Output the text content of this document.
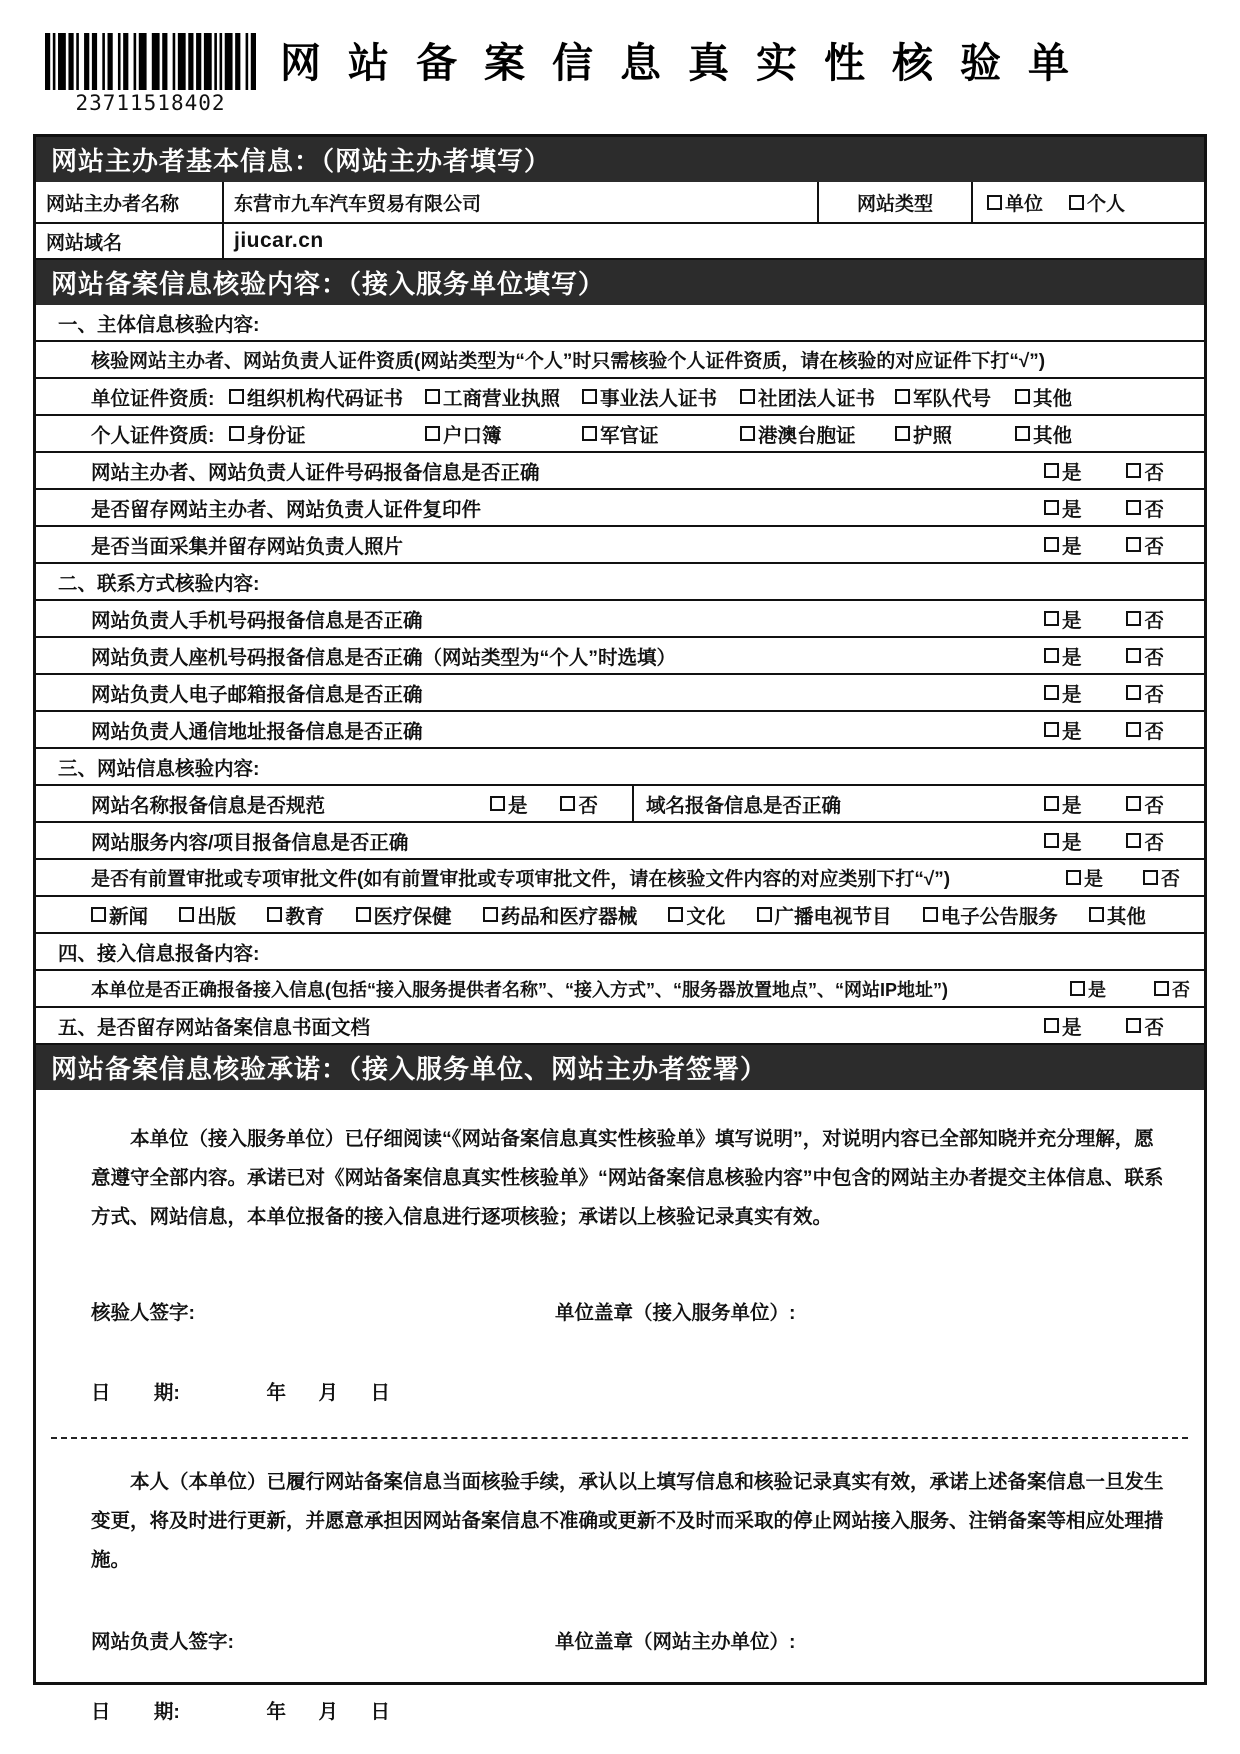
23711518402
网站备案信息真实性核验单
网站主办者基本信息：（网站主办者填写）
网站主办者名称	东营市九车汽车贸易有限公司	网站类型	单位 个人
网站域名	jiucar.cn
网站备案信息核验内容：（接入服务单位填写）
一、主体信息核验内容:
核验网站主办者、网站负责人证件资质(网站类型为“个人”时只需核验个人证件资质，请在核验的对应证件下打“√”)
单位证件资质:	组织机构代码证书 工商营业执照 事业法人证书 社团法人证书 军队代号 其他
个人证件资质:	身份证	户口簿	军官证	港澳台胞证	护照	其他
网站主办者、网站负责人证件号码报备信息是否正确	是	否
是否留存网站主办者、网站负责人证件复印件	是	否
是否当面采集并留存网站负责人照片	是	否
二、联系方式核验内容:
网站负责人手机号码报备信息是否正确	是	否
网站负责人座机号码报备信息是否正确（网站类型为“个人”时选填）	是	否
网站负责人电子邮箱报备信息是否正确	是	否
网站负责人通信地址报备信息是否正确	是	否
三、网站信息核验内容:
网站名称报备信息是否规范	是	否 域名报备信息是否正确	是	否
网站服务内容/项目报备信息是否正确	是	否
是否有前置审批或专项审批文件(如有前置审批或专项审批文件，请在核验文件内容的对应类别下打“√”)	是	否
新闻	出版	教育	医疗保健	药品和医疗器械	文化	广播电视节目	电子公告服务	其他
四、接入信息报备内容:
本单位是否正确报备接入信息(包括“接入服务提供者名称”、“接入方式”、“服务器放置地点”、“网站IP地址”)	是	否
五、是否留存网站备案信息书面文档	是	否
网站备案信息核验承诺：（接入服务单位、网站主办者签署）

本单位（接入服务单位）已仔细阅读“《网站备案信息真实性核验单》填写说明”，对说明内容已全部知晓并充分理解，愿意遵守全部内容。承诺已对《网站备案信息真实性核验单》“网站备案信息核验内容”中包含的网站主办者提交主体信息、联系方式、网站信息，本单位报备的接入信息进行逐项核验；承诺以上核验记录真实有效。

核验人签字:	单位盖章（接入服务单位）:
日        期:                年      月      日

本人（本单位）已履行网站备案信息当面核验手续，承认以上填写信息和核验记录真实有效，承诺上述备案信息一旦发生变更，将及时进行更新，并愿意承担因网站备案信息不准确或更新不及时而采取的停止网站接入服务、注销备案等相应处理措施。

网站负责人签字:	单位盖章（网站主办单位）:
日        期:                年      月      日
